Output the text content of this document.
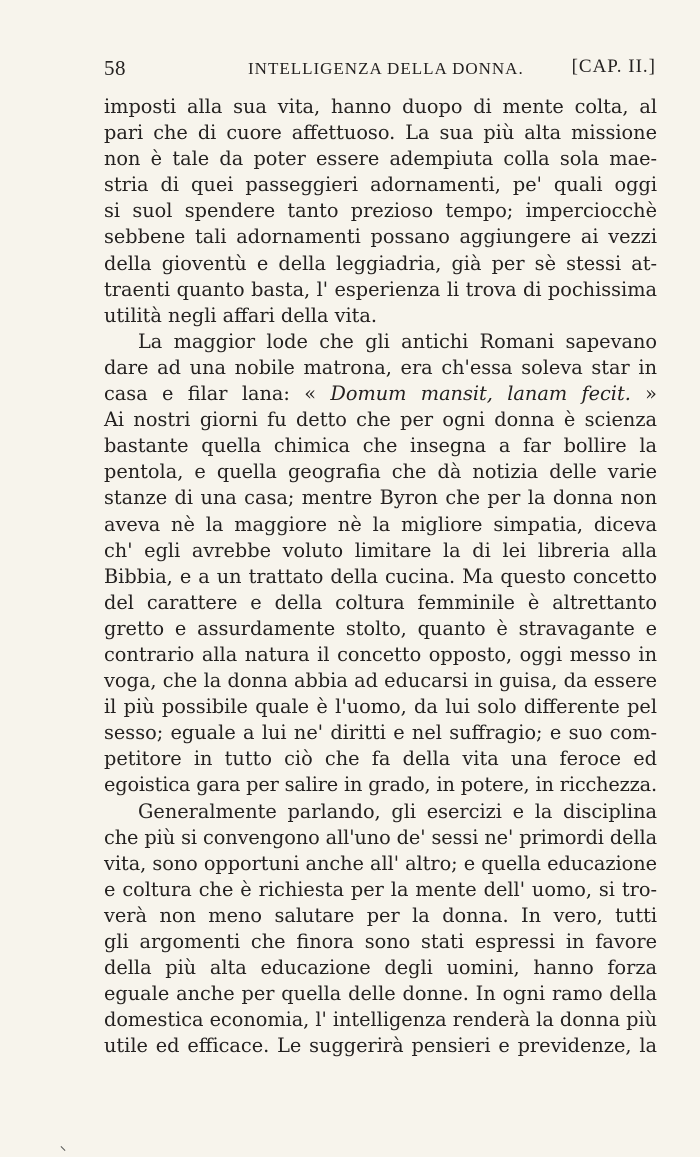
58	INTELLIGENZA DELLA DONNA.	[CAP. II.]
imposti alla sua vita, hanno duopo di mente colta, al
pari che di cuore affettuoso. La sua più alta missione
non è tale da poter essere adempiuta colla sola mae-
stria di quei passeggieri adornamenti, pe' quali oggi
si suol spendere tanto prezioso tempo; imperciocchè
sebbene tali adornamenti possano aggiungere ai vezzi
della gioventù e della leggiadria, già per sè stessi at-
traenti quanto basta, l' esperienza li trova di pochissima
utilità negli affari della vita.
La maggior lode che gli antichi Romani sapevano
dare ad una nobile matrona, era ch'essa soleva star in
casa e filar lana: « Domum mansit, lanam fecit. »
Ai nostri giorni fu detto che per ogni donna è scienza
bastante quella chimica che insegna a far bollire la
pentola, e quella geografia che dà notizia delle varie
stanze di una casa; mentre Byron che per la donna non
aveva nè la maggiore nè la migliore simpatia, diceva
ch' egli avrebbe voluto limitare la di lei libreria alla
Bibbia, e a un trattato della cucina. Ma questo concetto
del carattere e della coltura femminile è altrettanto
gretto e assurdamente stolto, quanto è stravagante e
contrario alla natura il concetto opposto, oggi messo in
voga, che la donna abbia ad educarsi in guisa, da essere
il più possibile quale è l'uomo, da lui solo differente pel
sesso; eguale a lui ne' diritti e nel suffragio; e suo com-
petitore in tutto ciò che fa della vita una feroce ed
egoistica gara per salire in grado, in potere, in ricchezza.
Generalmente parlando, gli esercizi e la disciplina
che più si convengono all'uno de' sessi ne' primordi della
vita, sono opportuni anche all' altro; e quella educazione
e coltura che è richiesta per la mente dell' uomo, si tro-
verà non meno salutare per la donna. In vero, tutti
gli argomenti che finora sono stati espressi in favore
della più alta educazione degli uomini, hanno forza
eguale anche per quella delle donne. In ogni ramo della
domestica economia, l' intelligenza renderà la donna più
utile ed efficace. Le suggerirà pensieri e previdenze, la
